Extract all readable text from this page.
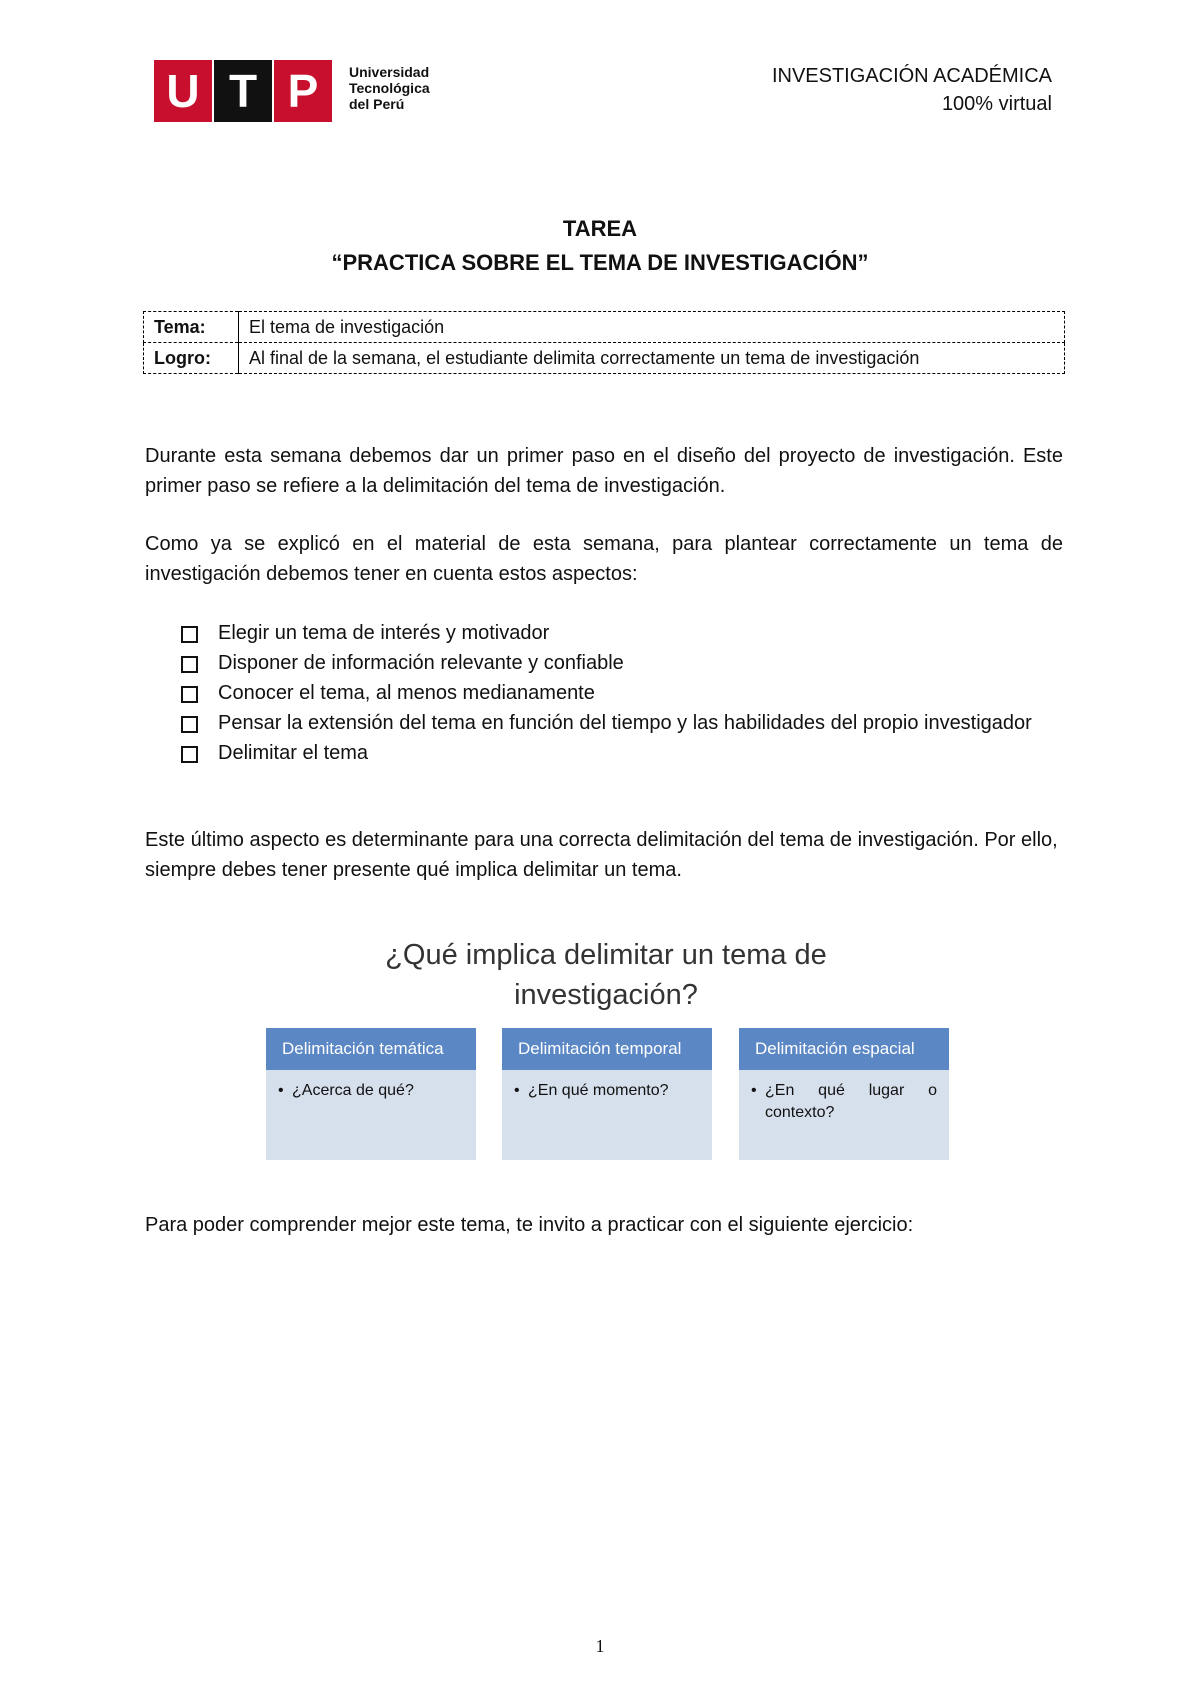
U T P Universidad
Tecnológica
del Perú
INVESTIGACIÓN ACADÉMICA
100% virtual
TAREA
“PRACTICA SOBRE EL TEMA DE INVESTIGACIÓN”
Tema:	El tema de investigación
Logro:	Al final de la semana, el estudiante delimita correctamente un tema de investigación
Durante esta semana debemos dar un primer paso en el diseño del proyecto de investigación. Este primer paso se refiere a la delimitación del tema de investigación.
Como ya se explicó en el material de esta semana, para plantear correctamente un tema de investigación debemos tener en cuenta estos aspectos:
Elegir un tema de interés y motivador
Disponer de información relevante y confiable
Conocer el tema, al menos medianamente
Pensar la extensión del tema en función del tiempo y las habilidades del propio investigador
Delimitar el tema
Este último aspecto es determinante para una correcta delimitación del tema de investigación. Por ello, siempre debes tener presente qué implica delimitar un tema.
¿Qué implica delimitar un tema de
investigación?
Delimitación temática
• ¿Acerca de qué?
Delimitación temporal
• ¿En qué momento?
Delimitación espacial
• ¿En qué lugar o contexto?
Para poder comprender mejor este tema, te invito a practicar con el siguiente ejercicio:
1
